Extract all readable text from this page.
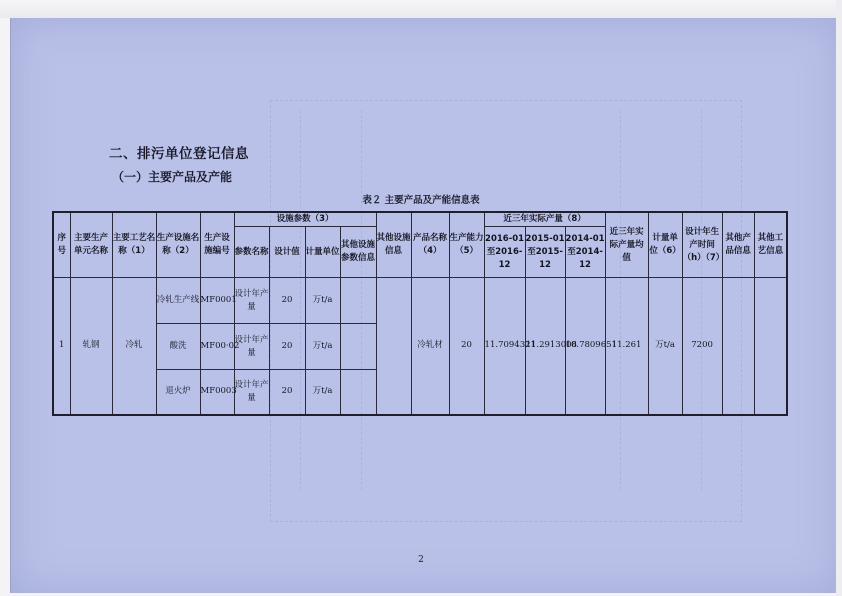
二、排污单位登记信息
（一）主要产品及产能
表２ 主要产品及产能信息表
序号	主要生产单元名称	主要工艺名称（1）	生产设施名称（2）	生产设施编号	设施参数（3）				其他设施信息	产品名称（4）	生产能力（5）	近三年实际产量（8）			近三年实际产量均值	计量单位（6）	设计年生产时间（h）（7）	其他产品信息	其他工艺信息
					参数名称	设计值	计量单位	其他设施参数信息				2016-01至2016-12	2015-01至2015-12	2014-01至2014-12					
1	轧钢	冷轧	冷轧生产线	MF0001	设计年产量	20	万t/a			冷轧材	20	11.7094321	11.2913008	10.7809651	11.261	万t/a	7200		
			酸洗	MF00·02	设计年产量	20	万t/a												
			退火炉	MF0003	设计年产量	20	万t/a												
2
